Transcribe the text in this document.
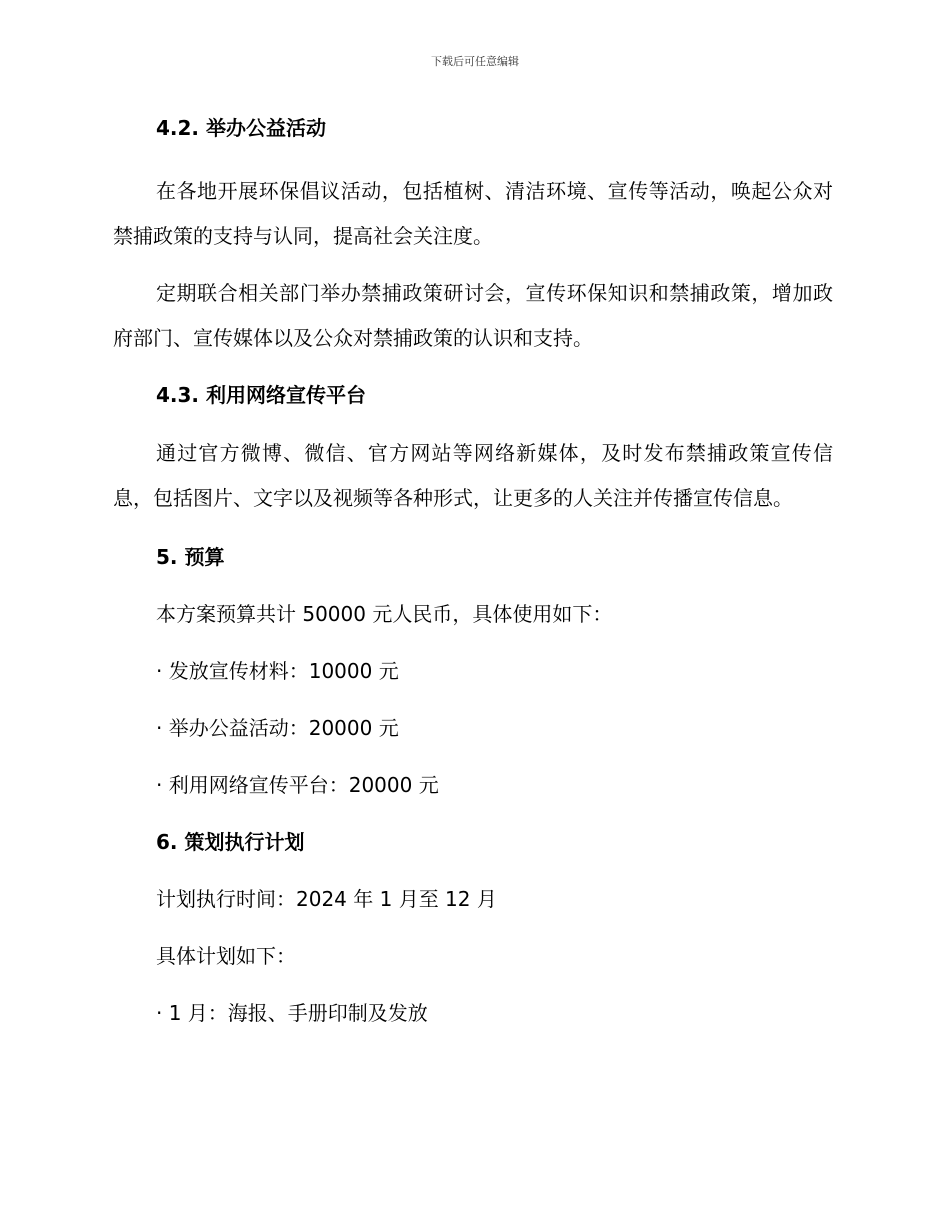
下载后可任意编辑
4.2. 举办公益活动

在各地开展环保倡议活动，包括植树、清洁环境、宣传等活动，唤起公众对禁捕政策的支持与认同，提高社会关注度。

定期联合相关部门举办禁捕政策研讨会，宣传环保知识和禁捕政策，增加政府部门、宣传媒体以及公众对禁捕政策的认识和支持。

4.3. 利用网络宣传平台

通过官方微博、微信、官方网站等网络新媒体，及时发布禁捕政策宣传信息，包括图片、文字以及视频等各种形式，让更多的人关注并传播宣传信息。

5. 预算

本方案预算共计 50000 元人民币，具体使用如下：

· 发放宣传材料：10000 元

· 举办公益活动：20000 元

· 利用网络宣传平台：20000 元

6. 策划执行计划

计划执行时间：2024 年 1 月至 12 月

具体计划如下：

· 1 月：海报、手册印制及发放
